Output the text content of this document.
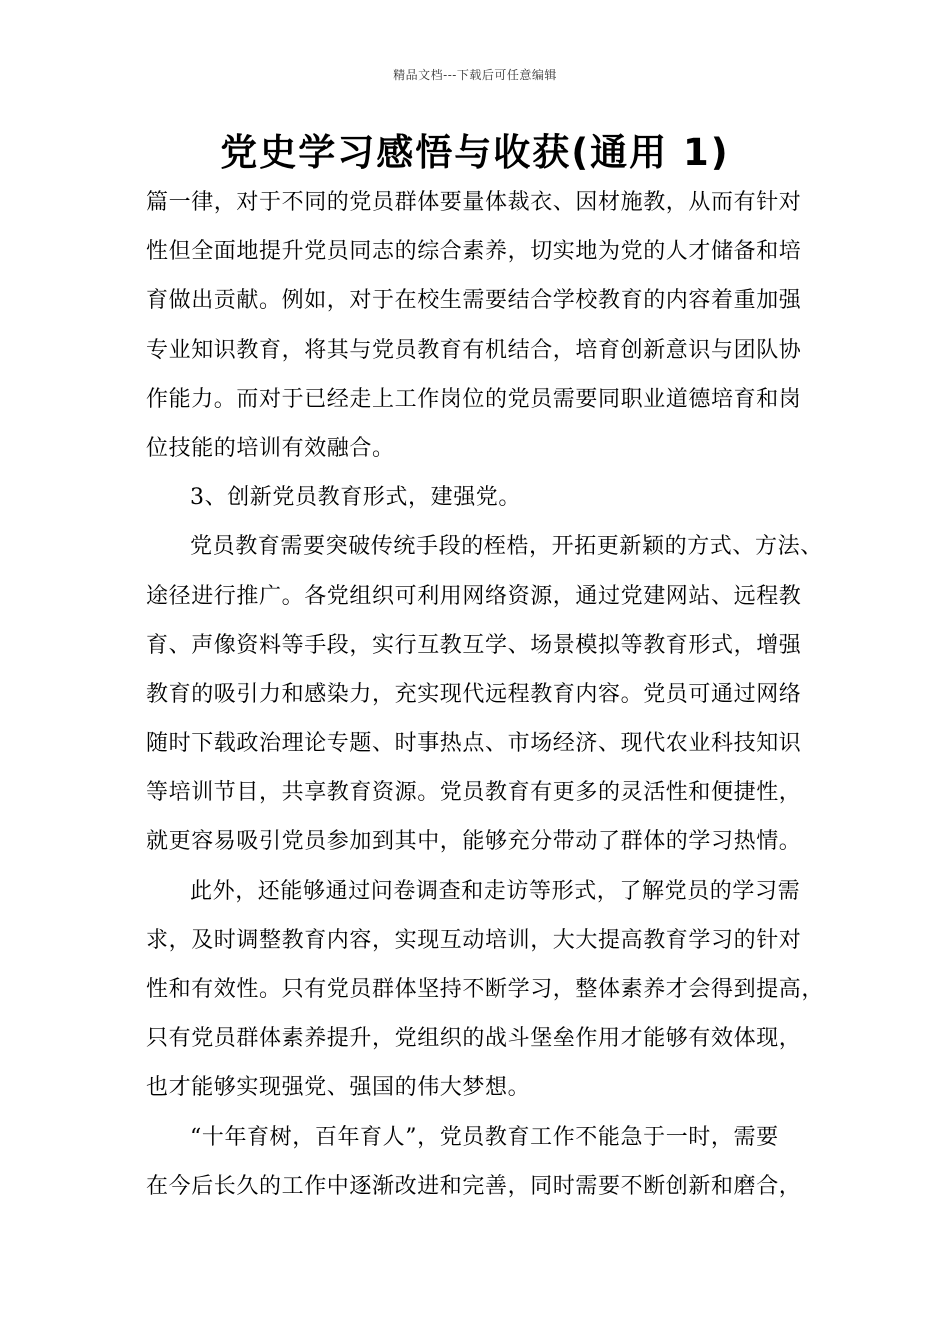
精品文档---下载后可任意编辑
党史学习感悟与收获(通用 1)
篇一律，对于不同的党员群体要量体裁衣、因材施教，从而有针对
性但全面地提升党员同志的综合素养，切实地为党的人才储备和培
育做出贡献。例如，对于在校生需要结合学校教育的内容着重加强
专业知识教育，将其与党员教育有机结合，培育创新意识与团队协
作能力。而对于已经走上工作岗位的党员需要同职业道德培育和岗
位技能的培训有效融合。
3、创新党员教育形式，建强党。
党员教育需要突破传统手段的桎梏，开拓更新颖的方式、方法、
途径进行推广。各党组织可利用网络资源，通过党建网站、远程教
育、声像资料等手段，实行互教互学、场景模拟等教育形式，增强
教育的吸引力和感染力，充实现代远程教育内容。党员可通过网络
随时下载政治理论专题、时事热点、市场经济、现代农业科技知识
等培训节目，共享教育资源。党员教育有更多的灵活性和便捷性，
就更容易吸引党员参加到其中，能够充分带动了群体的学习热情。
此外，还能够通过问卷调查和走访等形式，了解党员的学习需
求，及时调整教育内容，实现互动培训，大大提高教育学习的针对
性和有效性。只有党员群体坚持不断学习，整体素养才会得到提高，
只有党员群体素养提升，党组织的战斗堡垒作用才能够有效体现，
也才能够实现强党、强国的伟大梦想。
“十年育树，百年育人”，党员教育工作不能急于一时，需要
在今后长久的工作中逐渐改进和完善，同时需要不断创新和磨合，
